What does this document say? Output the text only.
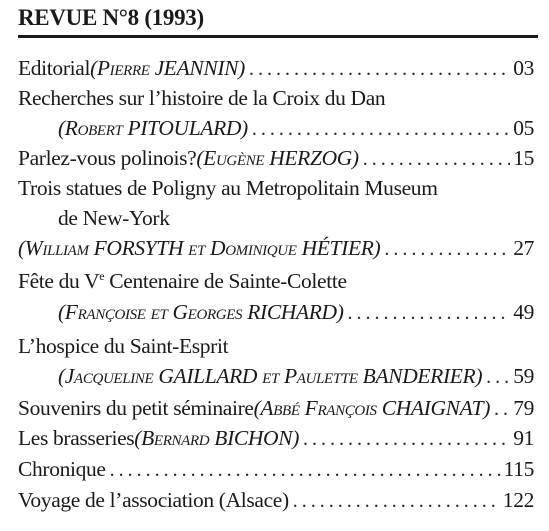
REVUE N°8 (1993)
Editorial (Pierre JEANNIN) . . .	03
Recherches sur l’histoire de la Croix du Dan
(Robert PITOULARD) . . .	05
Parlez-vous polinois? (Eugène HERZOG) . . .	15
Trois statues de Poligny au Metropolitain Museum
de New-York
(William FORSYTH et Dominique HÉTIER) . . .	27
Fête du Ve Centenaire de Sainte-Colette
(Françoise et Georges RICHARD) . . .	49
L’hospice du Saint-Esprit
(Jacqueline GAILLARD et Paulette BANDERIER) . . . 59
Souvenirs du petit séminaire (Abbé François CHAIGNAT) . . . 79
Les brasseries (Bernard BICHON) . . .	91
Chronique . . .	115
Voyage de l’association (Alsace) . . .	122
